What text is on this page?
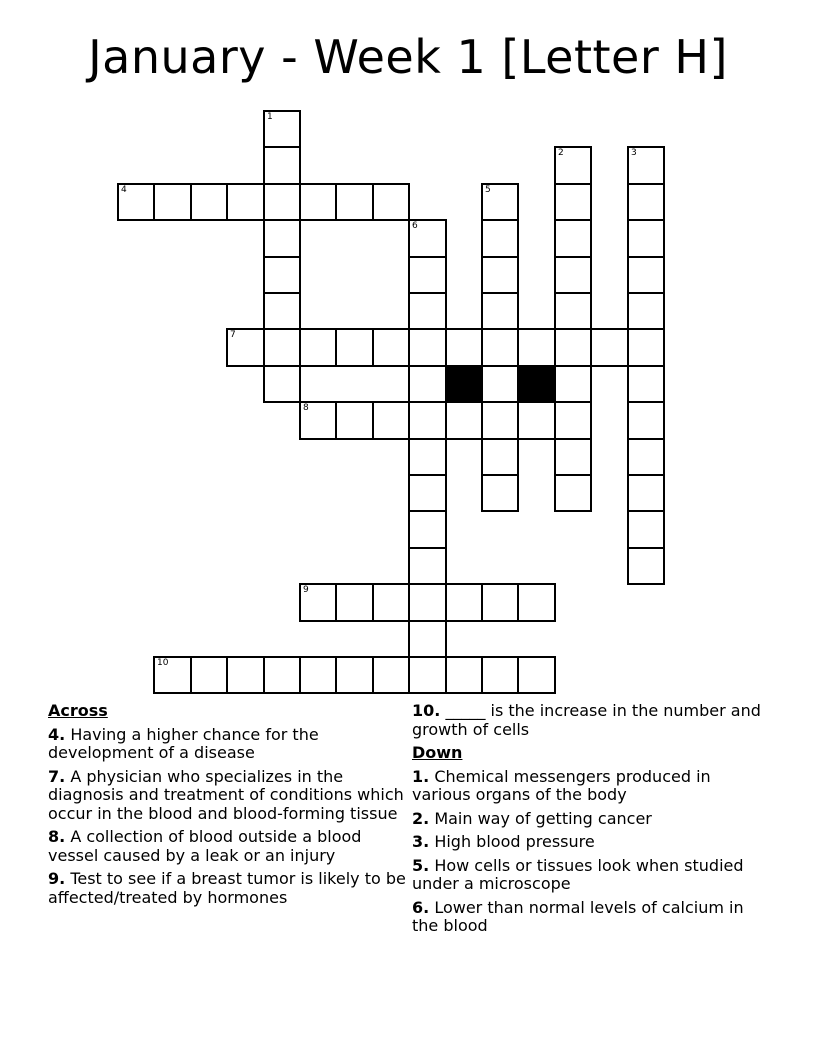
January - Week 1 [Letter H]
1
2	3
4	5
6
7
8
9
10
Across
4. Having a higher chance for the development of a disease
7. A physician who specializes in the diagnosis and treatment of conditions which occur in the blood and blood-forming tissue
8. A collection of blood outside a blood vessel caused by a leak or an injury
9. Test to see if a breast tumor is likely to be affected/treated by hormones
10. _____ is the increase in the number and growth of cells
Down
1. Chemical messengers produced in various organs of the body
2. Main way of getting cancer
3. High blood pressure
5. How cells or tissues look when studied under a microscope
6. Lower than normal levels of calcium in the blood
